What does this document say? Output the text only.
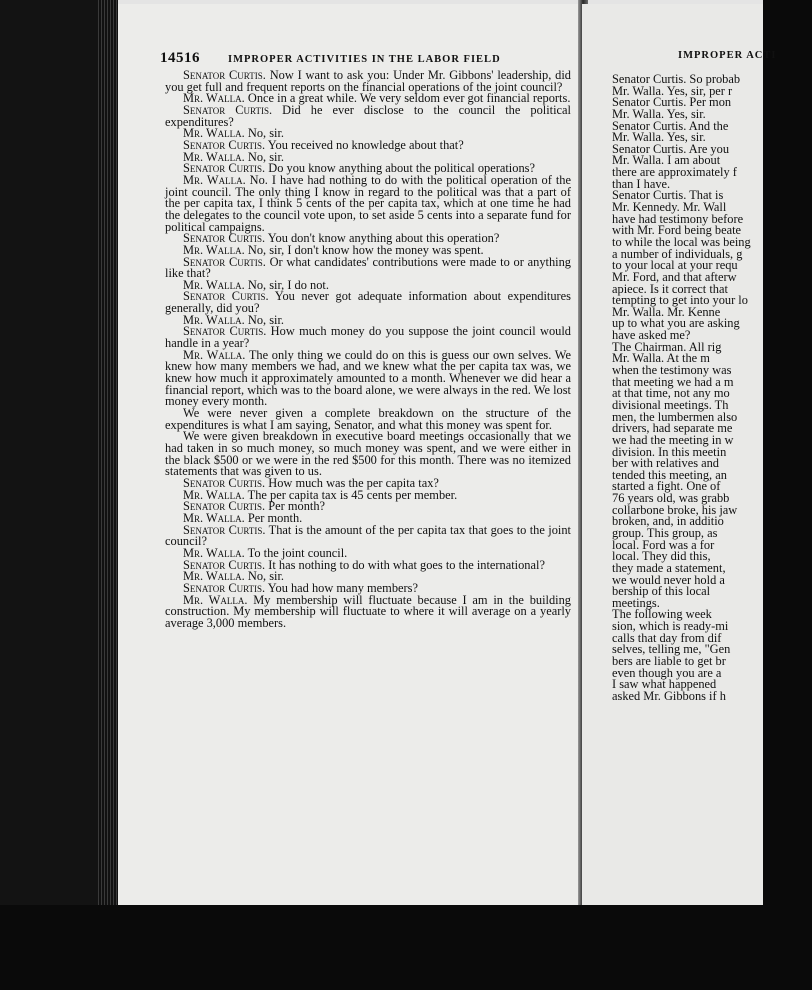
14516	IMPROPER ACTIVITIES IN THE LABOR FIELD

Senator Curtis. Now I want to ask you: Under Mr. Gibbons' leadership, did you get full and frequent reports on the financial operations of the joint council?

Mr. Walla. Once in a great while. We very seldom ever got financial reports.

Senator Curtis. Did he ever disclose to the council the political expenditures?

Mr. Walla. No, sir.

Senator Curtis. You received no knowledge about that?

Mr. Walla. No, sir.

Senator Curtis. Do you know anything about the political operations?

Mr. Walla. No. I have had nothing to do with the political operation of the joint council. The only thing I know in regard to the political was that a part of the per capita tax, I think 5 cents of the per capita tax, which at one time he had the delegates to the council vote upon, to set aside 5 cents into a separate fund for political campaigns.

Senator Curtis. You don't know anything about this operation?

Mr. Walla. No, sir, I don't know how the money was spent.

Senator Curtis. Or what candidates' contributions were made to or anything like that?

Mr. Walla. No, sir, I do not.

Senator Curtis. You never got adequate information about expenditures generally, did you?

Mr. Walla. No, sir.

Senator Curtis. How much money do you suppose the joint council would handle in a year?

Mr. Walla. The only thing we could do on this is guess our own selves. We knew how many members we had, and we knew what the per capita tax was, we knew how much it approximately amounted to a month. Whenever we did hear a financial report, which was to the board alone, we were always in the red. We lost money every month.

We were never given a complete breakdown on the structure of the expenditures is what I am saying, Senator, and what this money was spent for.

We were given breakdown in executive board meetings occasionally that we had taken in so much money, so much money was spent, and we were either in the black $500 or we were in the red $500 for this month. There was no itemized statements that was given to us.

Senator Curtis. How much was the per capita tax?

Mr. Walla. The per capita tax is 45 cents per member.

Senator Curtis. Per month?

Mr. Walla. Per month.

Senator Curtis. That is the amount of the per capita tax that goes to the joint council?

Mr. Walla. To the joint council.

Senator Curtis. It has nothing to do with what goes to the international?

Mr. Walla. No, sir.

Senator Curtis. You had how many members?

Mr. Walla. My membership will fluctuate because I am in the building construction. My membership will fluctuate to where it will average on a yearly average 3,000 members.

IMPROPER ACTI
Senator Curtis. So probab
Mr. Walla. Yes, sir, per r
Senator Curtis. Per mon
Mr. Walla. Yes, sir.
Senator Curtis. And the
Mr. Walla. Yes, sir.
Senator Curtis. Are you
Mr. Walla. I am about
there are approximately f
than I have.
Senator Curtis. That is
Mr. Kennedy. Mr. Wall
have had testimony before
with Mr. Ford being beate
to while the local was being
a number of individuals, g
to your local at your requ
Mr. Ford, and that afterw
apiece. Is it correct that
tempting to get into your lo
Mr. Walla. Mr. Kenne
up to what you are asking
have asked me?
The Chairman. All rig
Mr. Walla. At the m
when the testimony was
that meeting we had a m
at that time, not any mo
divisional meetings. Th
men, the lumbermen also
drivers, had separate me
we had the meeting in w
division. In this meetin
ber with relatives and
tended this meeting, an
started a fight. One of
76 years old, was grabb
collarbone broke, his jaw
broken, and, in additio
group. This group, as
local. Ford was a for
local. They did this,
they made a statement,
we would never hold a
bership of this local
meetings.
The following week
sion, which is ready-mi
calls that day from dif
selves, telling me, "Gen
bers are liable to get br
even though you are a
I saw what happened
asked Mr. Gibbons if h
